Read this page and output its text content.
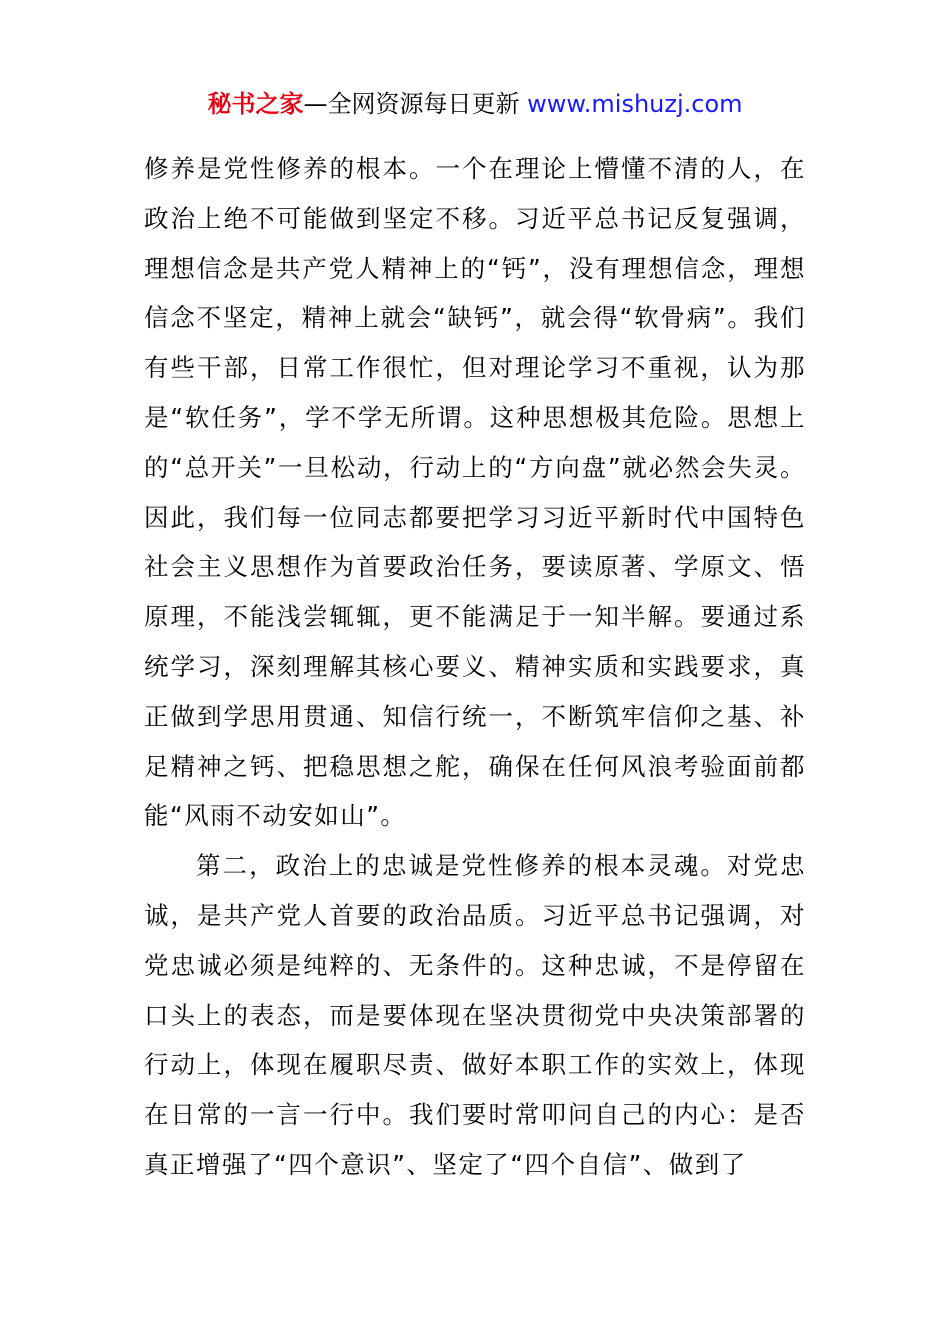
秘书之家—全网资源每日更新 www.mishuzj.com

修养是党性修养的根本。一个在理论上懵懂不清的人，在政治上绝不可能做到坚定不移。习近平总书记反复强调，理想信念是共产党人精神上的“钙”，没有理想信念，理想信念不坚定，精神上就会“缺钙”，就会得“软骨病”。我们有些干部，日常工作很忙，但对理论学习不重视，认为那是“软任务”，学不学无所谓。这种思想极其危险。思想上的“总开关”一旦松动，行动上的“方向盘”就必然会失灵。因此，我们每一位同志都要把学习习近平新时代中国特色社会主义思想作为首要政治任务，要读原著、学原文、悟原理，不能浅尝辄辄，更不能满足于一知半解。要通过系统学习，深刻理解其核心要义、精神实质和实践要求，真正做到学思用贯通、知信行统一，不断筑牢信仰之基、补足精神之钙、把稳思想之舵，确保在任何风浪考验面前都能“风雨不动安如山”。

第二，政治上的忠诚是党性修养的根本灵魂。对党忠诚，是共产党人首要的政治品质。习近平总书记强调，对党忠诚必须是纯粹的、无条件的。这种忠诚，不是停留在口头上的表态，而是要体现在坚决贯彻党中央决策部署的行动上，体现在履职尽责、做好本职工作的实效上，体现在日常的一言一行中。我们要时常叩问自己的内心：是否真正增强了“四个意识”、坚定了“四个自信”、做到了
